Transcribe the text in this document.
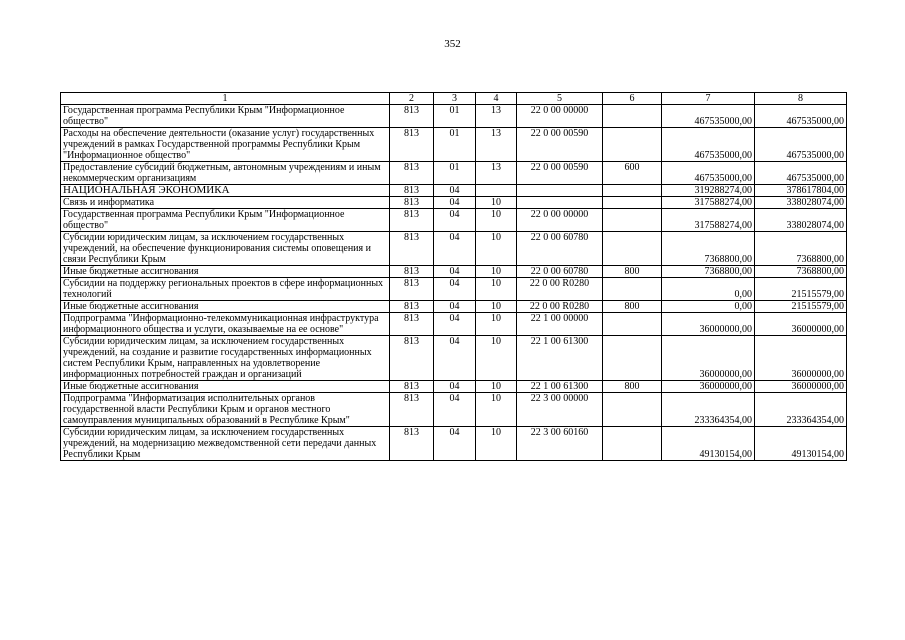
352
1	2	3	4	5	6	7	8
Государственная программа Республики Крым "Информационное общество"	813	01	13	22 0 00 00000		467535000,00	467535000,00
Расходы на обеспечение деятельности (оказание услуг) государственных учреждений в рамках Государственной программы Республики Крым "Информационное общество"	813	01	13	22 0 00 00590		467535000,00	467535000,00
Предоставление субсидий бюджетным, автономным учреждениям и иным некоммерческим организациям	813	01	13	22 0 00 00590	600	467535000,00	467535000,00
НАЦИОНАЛЬНАЯ ЭКОНОМИКА	813	04				319288274,00	378617804,00
Связь и информатика	813	04	10			317588274,00	338028074,00
Государственная программа Республики Крым "Информационное общество"	813	04	10	22 0 00 00000		317588274,00	338028074,00
Субсидии юридическим лицам, за исключением государственных учреждений, на обеспечение функционирования системы оповещения и связи Республики Крым	813	04	10	22 0 00 60780		7368800,00	7368800,00
Иные бюджетные ассигнования	813	04	10	22 0 00 60780	800	7368800,00	7368800,00
Субсидии на поддержку региональных проектов в сфере информационных технологий	813	04	10	22 0 00 R0280		0,00	21515579,00
Иные бюджетные ассигнования	813	04	10	22 0 00 R0280	800	0,00	21515579,00
Подпрограмма "Информационно-телекоммуникационная инфраструктура информационного общества и услуги, оказываемые на ее основе"	813	04	10	22 1 00 00000		36000000,00	36000000,00
Субсидии юридическим лицам, за исключением государственных учреждений, на создание и развитие государственных информационных систем Республики Крым, направленных на удовлетворение информационных потребностей граждан и организаций	813	04	10	22 1 00 61300		36000000,00	36000000,00
Иные бюджетные ассигнования	813	04	10	22 1 00 61300	800	36000000,00	36000000,00
Подпрограмма "Информатизация исполнительных органов государственной власти Республики Крым и органов местного самоуправления муниципальных образований в Республике Крым"	813	04	10	22 3 00 00000		233364354,00	233364354,00
Субсидии юридическим лицам, за исключением государственных учреждений, на модернизацию межведомственной сети передачи данных Республики Крым	813	04	10	22 3 00 60160		49130154,00	49130154,00
